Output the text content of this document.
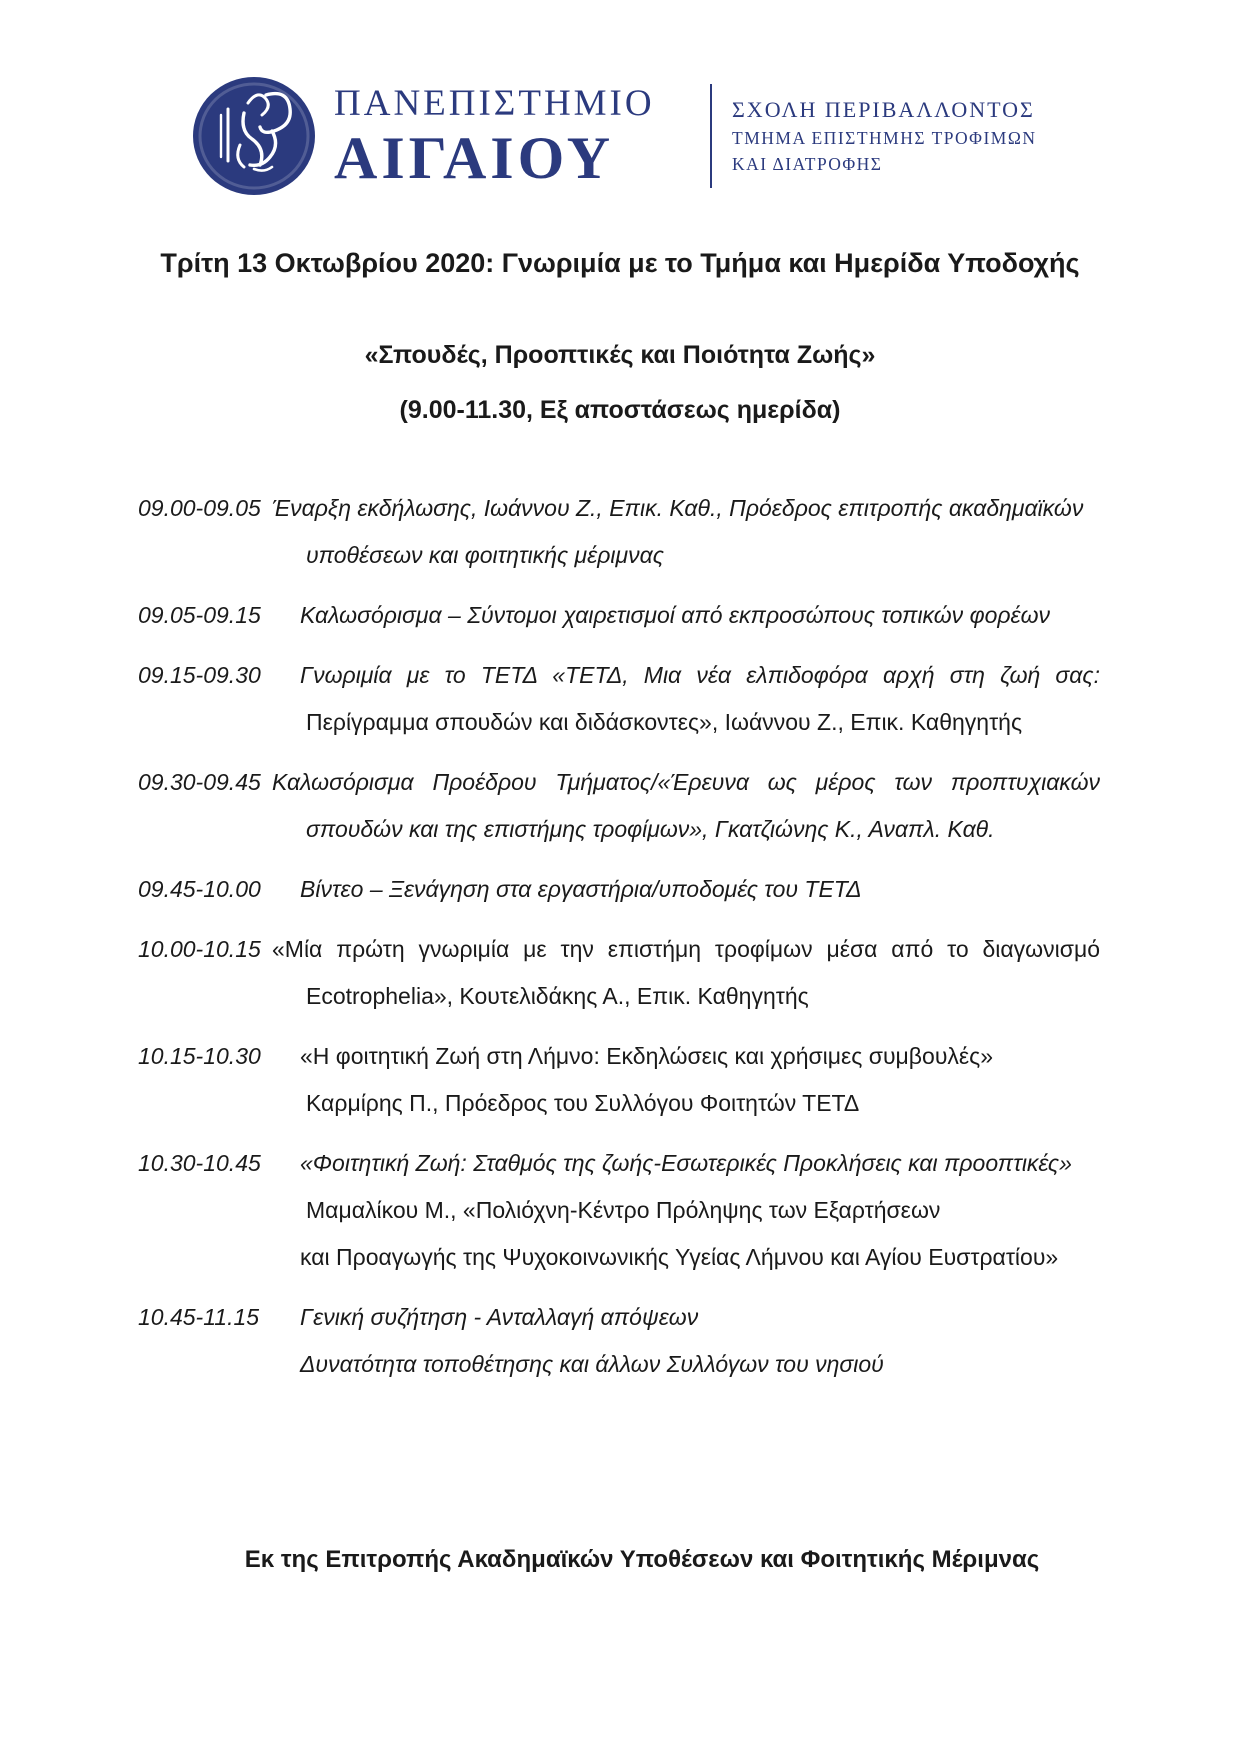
ΠΑΝΕΠΙΣΤΗΜΙΟ
ΑΙΓΑΙΟΥ
ΣΧΟΛΗ ΠΕΡΙΒΑΛΛΟΝΤΟΣ
ΤΜΗΜΑ ΕΠΙΣΤΗΜΗΣ ΤΡΟΦΙΜΩΝ
ΚΑΙ ΔΙΑΤΡΟΦΗΣ
Τρίτη 13 Οκτωβρίου 2020: Γνωριμία με το Τμήμα και Ημερίδα Υποδοχής
«Σπουδές, Προοπτικές και Ποιότητα Ζωής»
(9.00-11.30, Εξ αποστάσεως ημερίδα)
09.00-09.05 Έναρξη εκδήλωσης, Ιωάννου Ζ., Επικ. Καθ., Πρόεδρος επιτροπής ακαδημαϊκών
υποθέσεων και φοιτητικής μέριμνας
09.05-09.15	Καλωσόρισμα – Σύντομοι χαιρετισμοί από εκπροσώπους τοπικών φορέων
09.15-09.30	Γνωριμία με το ΤΕΤΔ «ΤΕΤΔ, Μια νέα ελπιδοφόρα αρχή στη ζωή σας:
Περίγραμμα σπουδών και διδάσκοντες», Ιωάννου Ζ., Επικ. Καθηγητής
09.30-09.45 Καλωσόρισμα Προέδρου Τμήματος/«Έρευνα ως μέρος των προπτυχιακών
σπουδών και της επιστήμης τροφίμων», Γκατζιώνης Κ., Αναπλ. Καθ.
09.45-10.00	Βίντεο – Ξενάγηση στα εργαστήρια/υποδομές του ΤΕΤΔ
10.00-10.15 «Μία πρώτη γνωριμία με την επιστήμη τροφίμων μέσα από το διαγωνισμό
Ecotrophelia», Κουτελιδάκης Α., Επικ. Καθηγητής
10.15-10.30	«Η φοιτητική Ζωή στη Λήμνο: Εκδηλώσεις και χρήσιμες συμβουλές»
Καρμίρης Π., Πρόεδρος του Συλλόγου Φοιτητών ΤΕΤΔ
10.30-10.45	«Φοιτητική Ζωή: Σταθμός της ζωής-Εσωτερικές Προκλήσεις και προοπτικές»
Μαμαλίκου Μ., «Πολιόχνη-Κέντρο Πρόληψης των Εξαρτήσεων
και Προαγωγής της Ψυχοκοινωνικής Υγείας Λήμνου και Αγίου Ευστρατίου»
10.45-11.15	Γενική συζήτηση - Ανταλλαγή απόψεων
Δυνατότητα τοποθέτησης και άλλων Συλλόγων του νησιού
Εκ της Επιτροπής Ακαδημαϊκών Υποθέσεων και Φοιτητικής Μέριμνας
